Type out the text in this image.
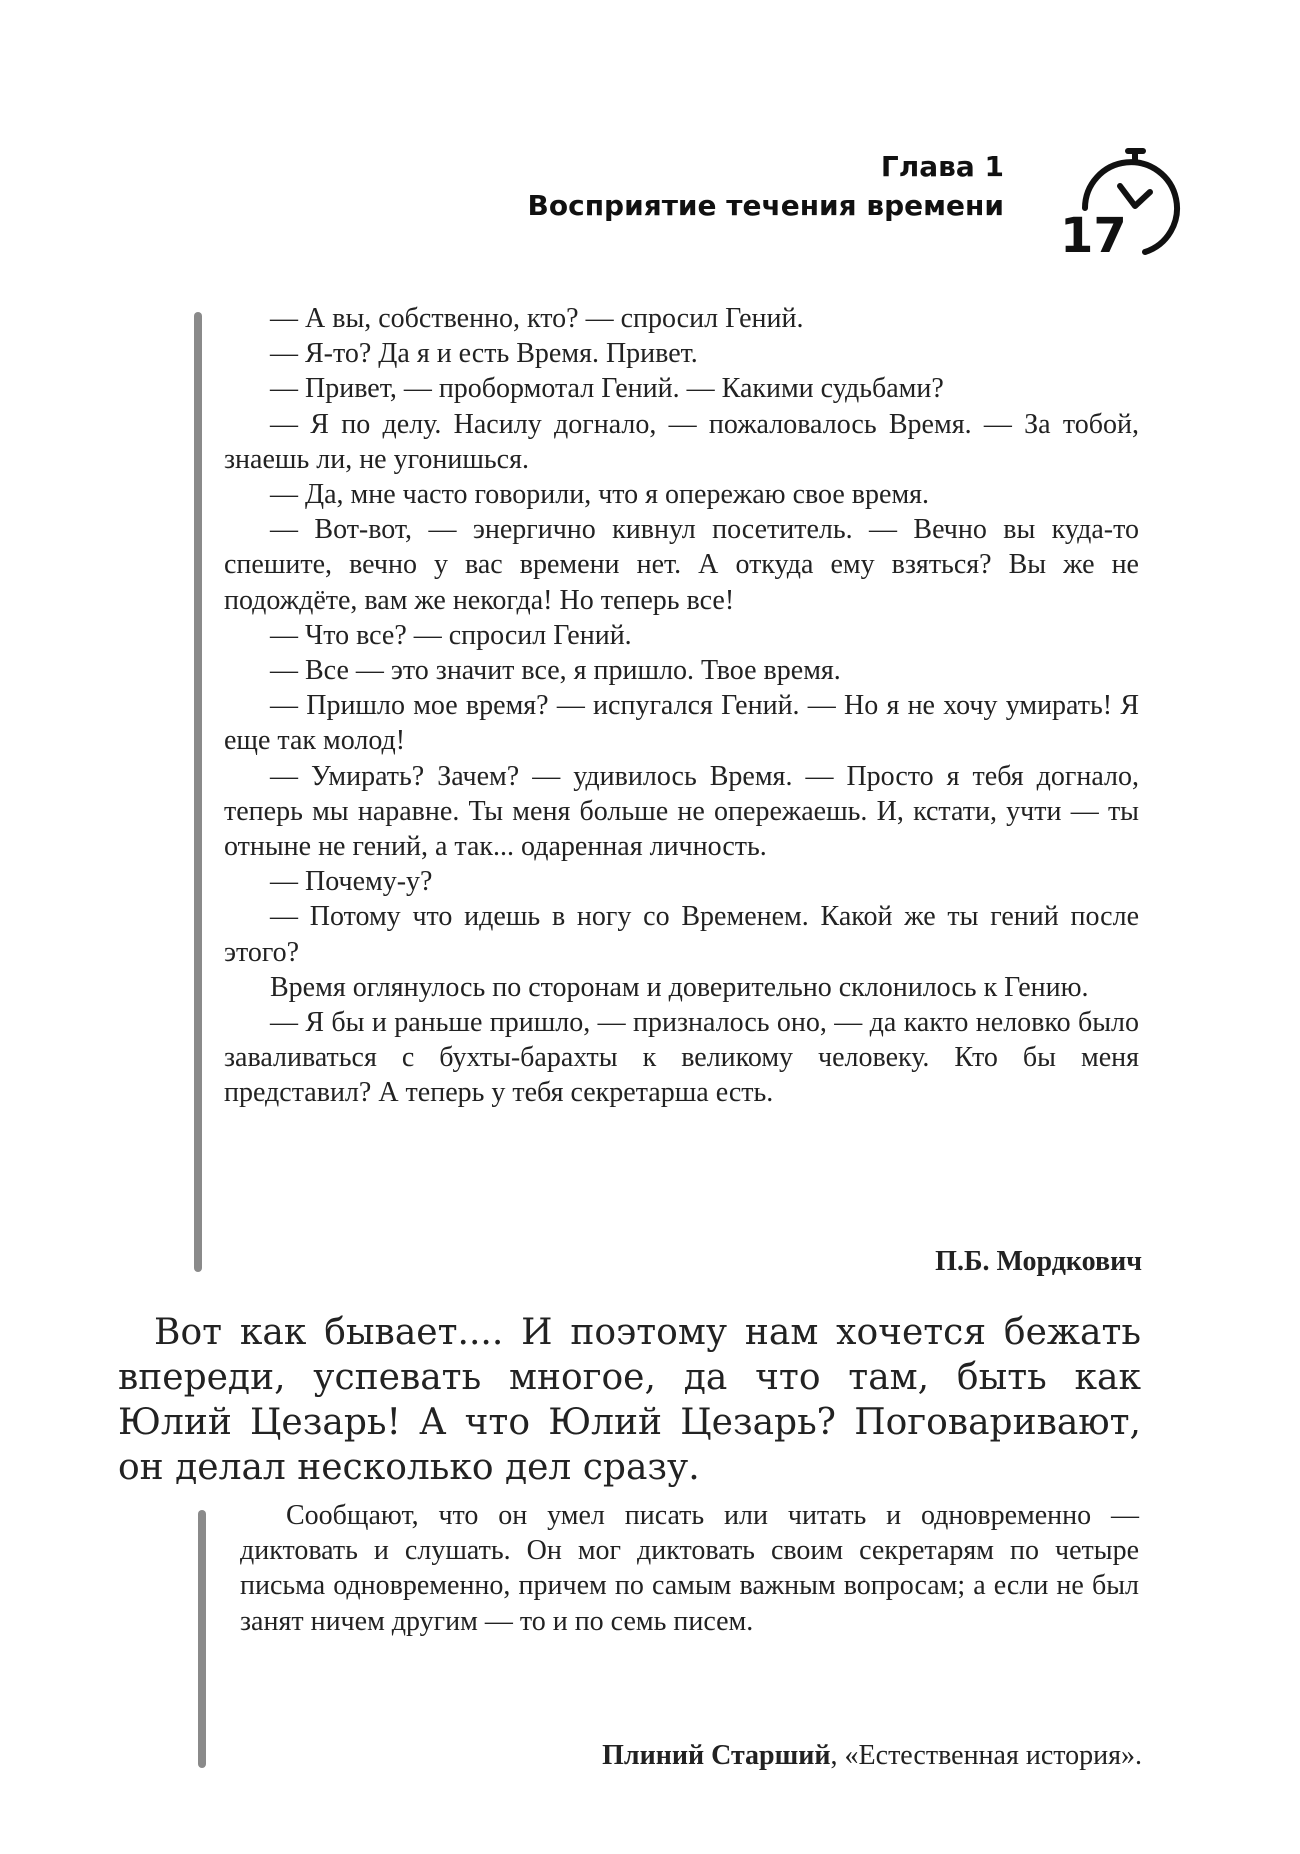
Глава 1
Восприятие течения времени
17

— А вы, собственно, кто? — спросил Гений.

— Я-то? Да я и есть Время. Привет.

— Привет, — пробормотал Гений. — Какими судьбами?

— Я по делу. Насилу догнало, — пожаловалось Время. — За тобой, знаешь ли, не угонишься.

— Да, мне часто говорили, что я опережаю свое время.

— Вот-вот, — энергично кивнул посетитель. — Вечно вы куда-то спешите, вечно у вас времени нет. А откуда ему взяться? Вы же не подождёте, вам же некогда! Но теперь все!

— Что все? — спросил Гений.

— Все — это значит все, я пришло. Твое время.

— Пришло мое время? — испугался Гений. — Но я не хочу умирать! Я еще так молод!

— Умирать? Зачем? — удивилось Время. — Просто я тебя догнало, теперь мы наравне. Ты меня больше не опережаешь. И, кстати, учти — ты отныне не гений, а так... одаренная личность.

— Почему-у?

— Потому что идешь в ногу со Временем. Какой же ты гений после этого?

Время оглянулось по сторонам и доверительно склонилось к Гению.

— Я бы и раньше пришло, — призналось оно, — да както неловко было заваливаться с бухты-барахты к великому человеку. Кто бы меня представил? А теперь у тебя секретарша есть.

П.Б. Мордкович

Вот как бывает.... И поэтому нам хочется бежать впереди, успевать многое, да что там, быть как Юлий Цезарь! А что Юлий Цезарь? Поговаривают, он делал несколько дел сразу.

Сообщают, что он умел писать или читать и одновременно — диктовать и слушать. Он мог диктовать своим секретарям по четыре письма одновременно, причем по самым важным вопросам; а если не был занят ничем другим — то и по семь писем.

Плиний Старший, «Естественная история».
